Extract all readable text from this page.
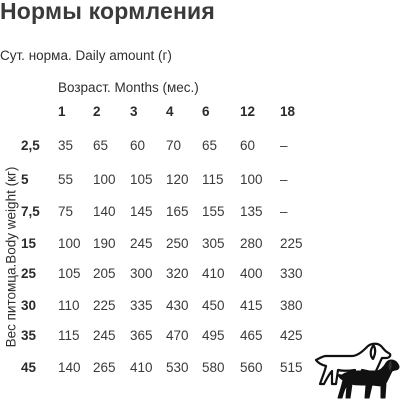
Нормы кормления
Сут. норма. Daily amount (г)
Возраст. Months (мес.)
Вес питомца.Body weight (кг)
1 2 3 4 6 12 18
2,5 35 65 60 70 65 60 –
5 55 100 105 120 115 100 –
7,5 75 140 145 165 155 135 –
15 100 190 245 250 305 280 225
25 105 205 300 320 410 400 330
30 110 225 335 430 450 415 380
35 115 245 365 470 495 465 425
45 140 265 410 530 580 560 515
